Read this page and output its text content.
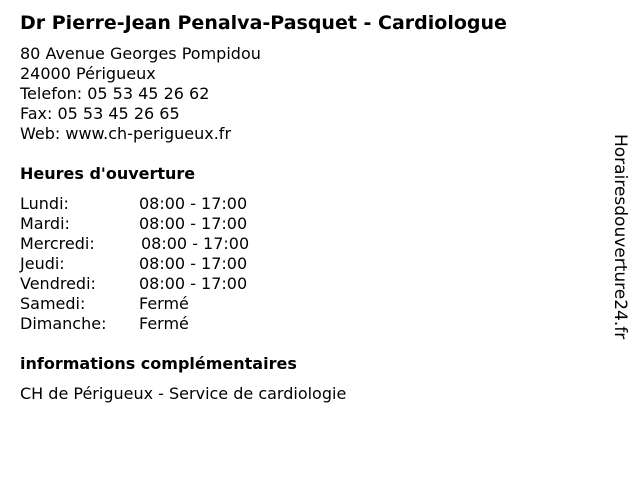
Dr Pierre-Jean Penalva-Pasquet - Cardiologue
80 Avenue Georges Pompidou
24000 Périgueux
Telefon: 05 53 45 26 62
Fax: 05 53 45 26 65
Web: www.ch-perigueux.fr
Heures d'ouverture
Lundi:	08:00 - 17:00
Mardi:	08:00 - 17:00
Mercredi:	08:00 - 17:00
Jeudi:	08:00 - 17:00
Vendredi:	08:00 - 17:00
Samedi:	Fermé
Dimanche: Fermé
informations complémentaires
CH de Périgueux - Service de cardiologie
Horairesdouverture24.fr
